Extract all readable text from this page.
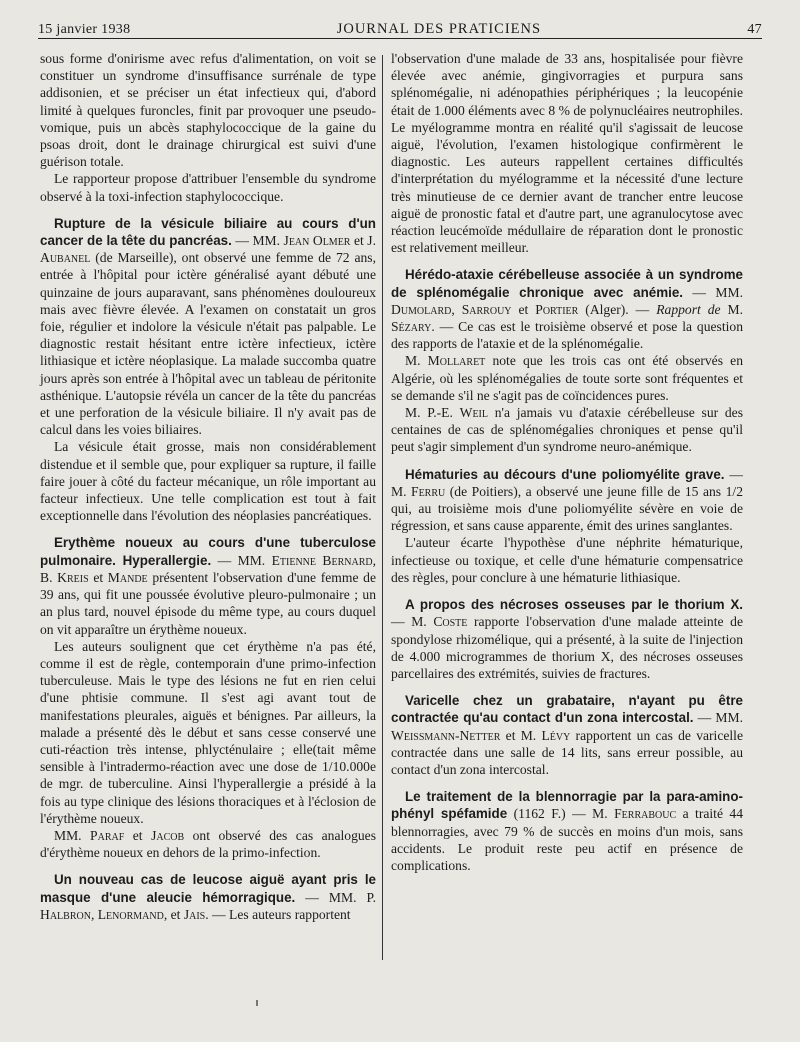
15 janvier 1938	JOURNAL DES PRATICIENS	47

sous forme d'onirisme avec refus d'alimentation, on voit se constituer un syndrome d'insuffisance surrénale de type addisonien, et se préciser un état infectieux qui, d'abord limité à quelques furoncles, finit par provoquer une pseudo-vomique, puis un abcès staphylococcique de la gaine du psoas droit, dont le drainage chirurgical est suivi d'une guérison totale.

Le rapporteur propose d'attribuer l'ensemble du syndrome observé à la toxi-infection staphylococcique.

Rupture de la vésicule biliaire au cours d'un cancer de la tête du pancréas. — MM. Jean Olmer et J. Aubanel (de Marseille), ont observé une femme de 72 ans, entrée à l'hôpital pour ictère généralisé ayant débuté une quinzaine de jours auparavant, sans phénomènes douloureux mais avec fièvre élevée. A l'examen on constatait un gros foie, régulier et indolore la vésicule n'était pas palpable. Le diagnostic restait hésitant entre ictère infectieux, ictère lithiasique et ictère néoplasique. La malade succomba quatre jours après son entrée à l'hôpital avec un tableau de péritonite asthénique. L'autopsie révéla un cancer de la tête du pancréas et une perforation de la vésicule biliaire. Il n'y avait pas de calcul dans les voies biliaires.

La vésicule était grosse, mais non considérablement distendue et il semble que, pour expliquer sa rupture, il faille faire jouer à côté du facteur mécanique, un rôle important au facteur infectieux. Une telle complication est tout à fait exceptionnelle dans l'évolution des néoplasies pancréatiques.

Erythème noueux au cours d'une tuberculose pulmonaire. Hyperallergie. — MM. Etienne Bernard, B. Kreis et Mande présentent l'observation d'une femme de 39 ans, qui fit une poussée évolutive pleuro-pulmonaire ; un an plus tard, nouvel épisode du même type, au cours duquel on vit apparaître un érythème noueux.

Les auteurs soulignent que cet érythème n'a pas été, comme il est de règle, contemporain d'une primo-infection tuberculeuse. Mais le type des lésions ne fut en rien celui d'une phtisie commune. Il s'est agi avant tout de manifestations pleurales, aiguës et bénignes. Par ailleurs, la malade a présenté dès le début et sans cesse conservé une cuti-réaction très intense, phlycténulaire ; elle(tait même sensible à l'intradermo-réaction avec une dose de 1/10.000e de mgr. de tuberculine. Ainsi l'hyperallergie a présidé à la fois au type clinique des lésions thoraciques et à l'éclosion de l'érythème noueux.

MM. Paraf et Jacob ont observé des cas analogues d'érythème noueux en dehors de la primo-infection.

Un nouveau cas de leucose aiguë ayant pris le masque d'une aleucie hémorragique. — MM. P. Halbron, Lenormand, et Jais. — Les auteurs rapportent

l'observation d'une malade de 33 ans, hospitalisée pour fièvre élevée avec anémie, gingivorragies et purpura sans splénomégalie, ni adénopathies périphériques ; la leucopénie était de 1.000 éléments avec 8 % de polynucléaires neutrophiles. Le myélogramme montra en réalité qu'il s'agissait de leucose aiguë, l'évolution, l'examen histologique confirmèrent le diagnostic. Les auteurs rappellent certaines difficultés d'interprétation du myélogramme et la nécessité d'une lecture très minutieuse de ce dernier avant de trancher entre leucose aiguë de pronostic fatal et d'autre part, une agranulocytose avec réaction leucémoïde médullaire de réparation dont le pronostic est relativement meilleur.

Hérédo-ataxie cérébelleuse associée à un syndrome de splénomégalie chronique avec anémie. — MM. Dumolard, Sarrouy et Portier (Alger). — Rapport de M. Sézary. — Ce cas est le troisième observé et pose la question des rapports de l'ataxie et de la splénomégalie.

M. Mollaret note que les trois cas ont été observés en Algérie, où les splénomégalies de toute sorte sont fréquentes et se demande s'il ne s'agit pas de coïncidences pures.

M. P.-E. Weil n'a jamais vu d'ataxie cérébelleuse sur des centaines de cas de splénomégalies chroniques et pense qu'il peut s'agir simplement d'un syndrome neuro-anémique.

Hématuries au décours d'une poliomyélite grave. — M. Ferru (de Poitiers), a observé une jeune fille de 15 ans 1/2 qui, au troisième mois d'une poliomyélite sévère en voie de régression, et sans cause apparente, émit des urines sanglantes.

L'auteur écarte l'hypothèse d'une néphrite hématurique, infectieuse ou toxique, et celle d'une hématurie compensatrice des règles, pour conclure à une hématurie lithiasique.

A propos des nécroses osseuses par le thorium X. — M. Coste rapporte l'observation d'une malade atteinte de spondylose rhizomélique, qui a présenté, à la suite de l'injection de 4.000 microgrammes de thorium X, des nécroses osseuses parcellaires des extrémités, suivies de fractures.

Varicelle chez un grabataire, n'ayant pu être contractée qu'au contact d'un zona intercostal. — MM. Weissmann-Netter et M. Lévy rapportent un cas de varicelle contractée dans une salle de 14 lits, sans erreur possible, au contact d'un zona intercostal.

Le traitement de la blennorragie par la para-amino-phényl spéfamide (1162 F.) — M. Ferrabouc a traité 44 blennorragies, avec 79 % de succès en moins d'un mois, sans accidents. Le produit reste peu actif en présence de complications.
